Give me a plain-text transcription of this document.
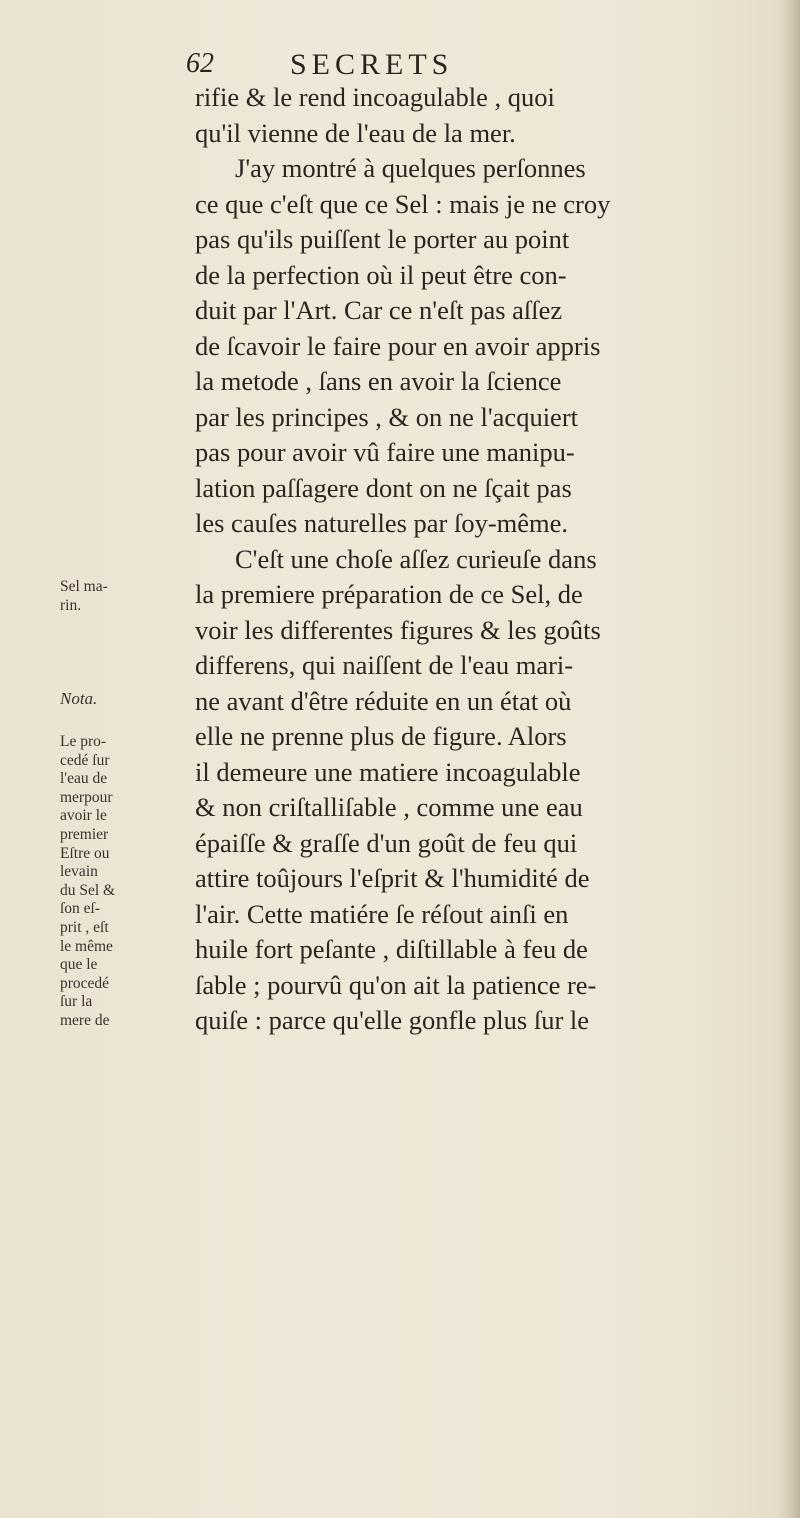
62	SECRETS
rifie & le rend incoagulable , quoi
qu'il vienne de l'eau de la mer.
J'ay montré à quelques perſonnes
ce que c'eſt que ce Sel : mais je ne croy
pas qu'ils puiſſent le porter au point
de la perfection où il peut être con-
duit par l'Art. Car ce n'eſt pas aſſez
de ſcavoir le faire pour en avoir appris
la metode , ſans en avoir la ſcience
par les principes , & on ne l'acquiert
pas pour avoir vû faire une manipu-
lation paſſagere dont on ne ſçait pas
les cauſes naturelles par ſoy-même.
C'eſt une choſe aſſez curieuſe dans
la premiere préparation de ce Sel, de
voir les differentes figures & les goûts
differens, qui naiſſent de l'eau mari-
ne avant d'être réduite en un état où
elle ne prenne plus de figure. Alors
il demeure une matiere incoagulable
& non criſtalliſable , comme une eau
épaiſſe & graſſe d'un goût de feu qui
attire toûjours l'eſprit & l'humidité de
l'air. Cette matiére ſe réſout ainſi en
huile fort peſante , diſtillable à feu de
ſable ; pourvû qu'on ait la patience re-
quiſe : parce qu'elle gonfle plus ſur le
Sel ma-
rin.
Nota.
Le pro-
cedé ſur
l'eau de
merpour
avoir le
premier
Eſtre ou
levain
du Sel &
ſon eſ-
prit , eſt
le même
que le
procedé
ſur la
mere de
